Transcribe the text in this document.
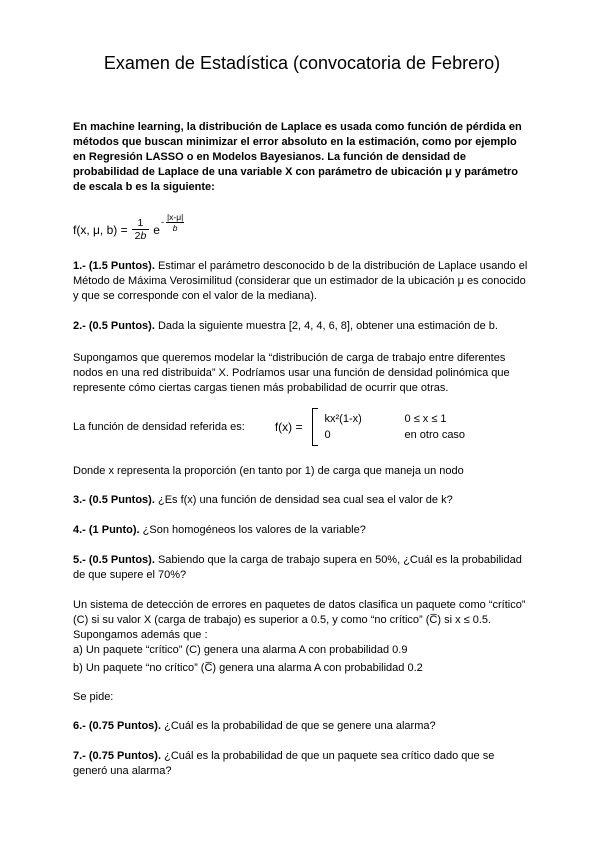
Examen de Estadística (convocatoria de Febrero)

En machine learning, la distribución de Laplace es usada como función de pérdida en métodos que buscan minimizar el error absoluto en la estimación, como por ejemplo en Regresión LASSO o en Modelos Bayesianos. La función de densidad de probabilidad de Laplace de una variable X con parámetro de ubicación μ y parámetro de escala b es la siguiente:

f(x, μ, $b) = \frac{1}{2 b}$ e
- $\frac{|x-\mu|}{b}$

1.- (1.5 Puntos). Estimar el parámetro desconocido b de la distribución de Laplace usando el Método de Máxima Verosimilitud (considerar que un estimador de la ubicación μ es conocido y que se corresponde con el valor de la mediana).

2.- (0.5 Puntos). Dada la siguiente muestra [2, 4, 4, 6, 8], obtener una estimación de b.

Supongamos que queremos modelar la “distribución de carga de trabajo entre diferentes nodos en una red distribuida” X. Podríamos usar una función de densidad polinómica que represente cómo ciertas cargas tienen más probabilidad de ocurrir que otras.

La función de densidad referida es:	f(x) =
kx²(1-x)	0 ≤ x ≤ 1
0	en otro caso

Donde x representa la proporción (en tanto por 1) de carga que maneja un nodo

3.- (0.5 Puntos). ¿Es f(x) una función de densidad sea cual sea el valor de k?

4.- (1 Punto). ¿Son homogéneos los valores de la variable?

5.- (0.5 Puntos). Sabiendo que la carga de trabajo supera en 50%, ¿Cuál es la probabilidad de que supere el 70%?

Un sistema de detección de errores en paquetes de datos clasifica un paquete como “crítico” (C) si su valor X (carga de trabajo) es superior a 0.5, y como “no crítico” (C̅) si x ≤ 0.5.

Supongamos además que :

a) Un paquete “crítico” (C) genera una alarma A con probabilidad 0.9

b) Un paquete “no crítico” (C̅) genera una alarma A con probabilidad 0.2

Se pide:

6.- (0.75 Puntos). ¿Cuál es la probabilidad de que se genere una alarma?

7.- (0.75 Puntos). ¿Cuál es la probabilidad de que un paquete sea crítico dado que se generó una alarma?
